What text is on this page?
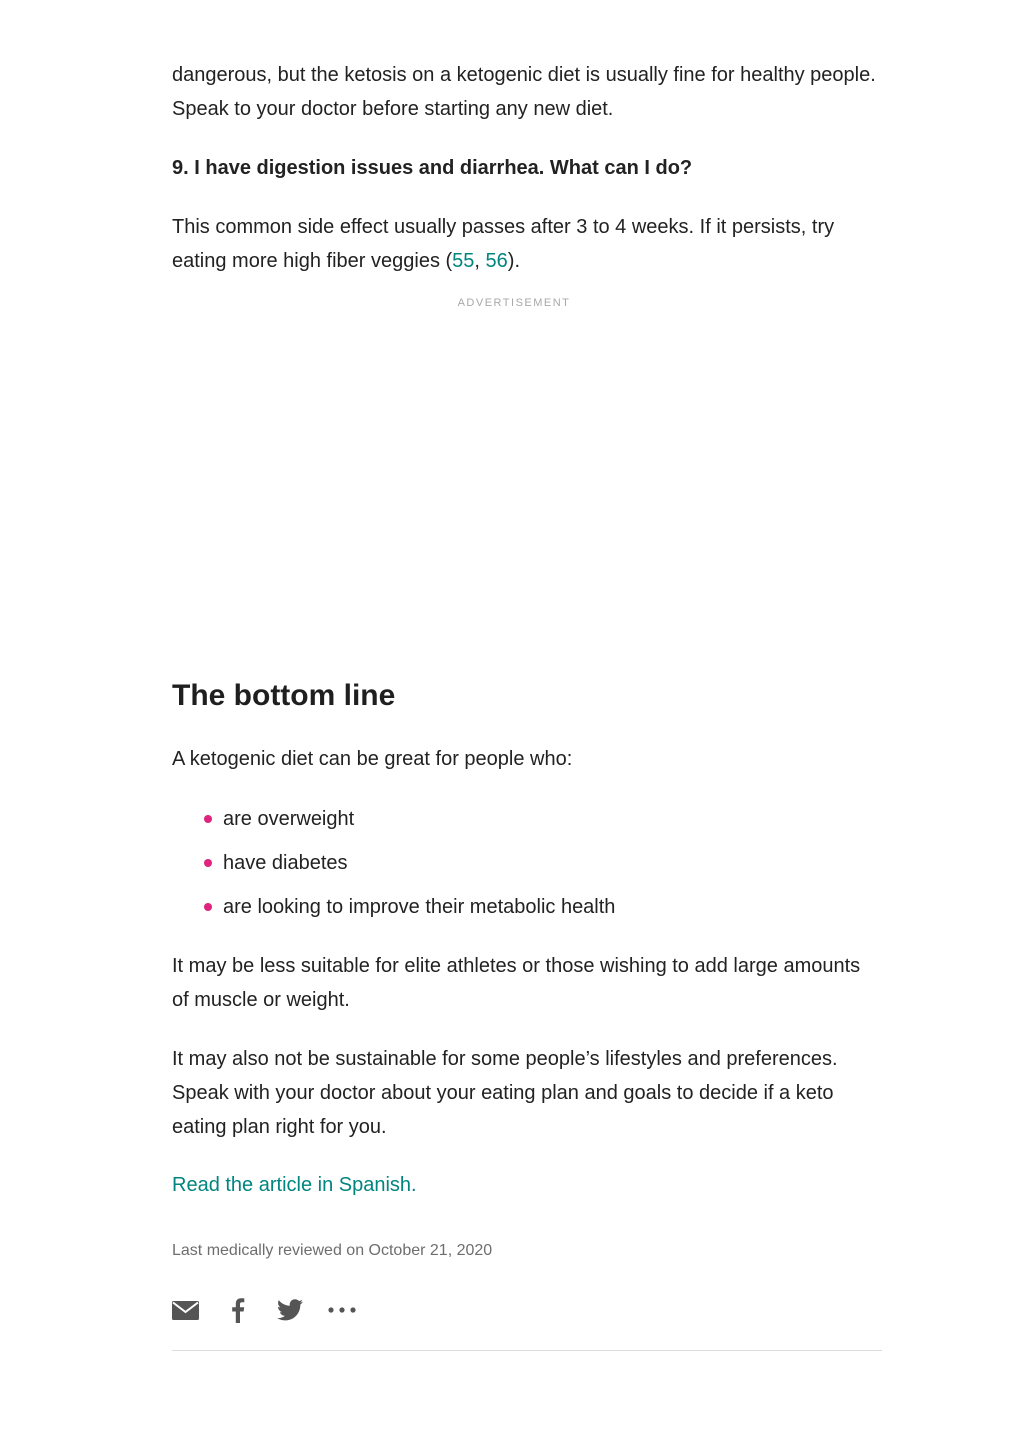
dangerous, but the ketosis on a ketogenic diet is usually fine for healthy people. Speak to your doctor before starting any new diet.

9. I have digestion issues and diarrhea. What can I do?

This common side effect usually passes after 3 to 4 weeks. If it persists, try eating more high fiber veggies (55, 56).

ADVERTISEMENT
The bottom line

A ketogenic diet can be great for people who:

are overweight
have diabetes
are looking to improve their metabolic health

It may be less suitable for elite athletes or those wishing to add large amounts of muscle or weight.

It may also not be sustainable for some people’s lifestyles and preferences. Speak with your doctor about your eating plan and goals to decide if a keto eating plan right for you.

Read the article in Spanish.
Last medically reviewed on October 21, 2020
